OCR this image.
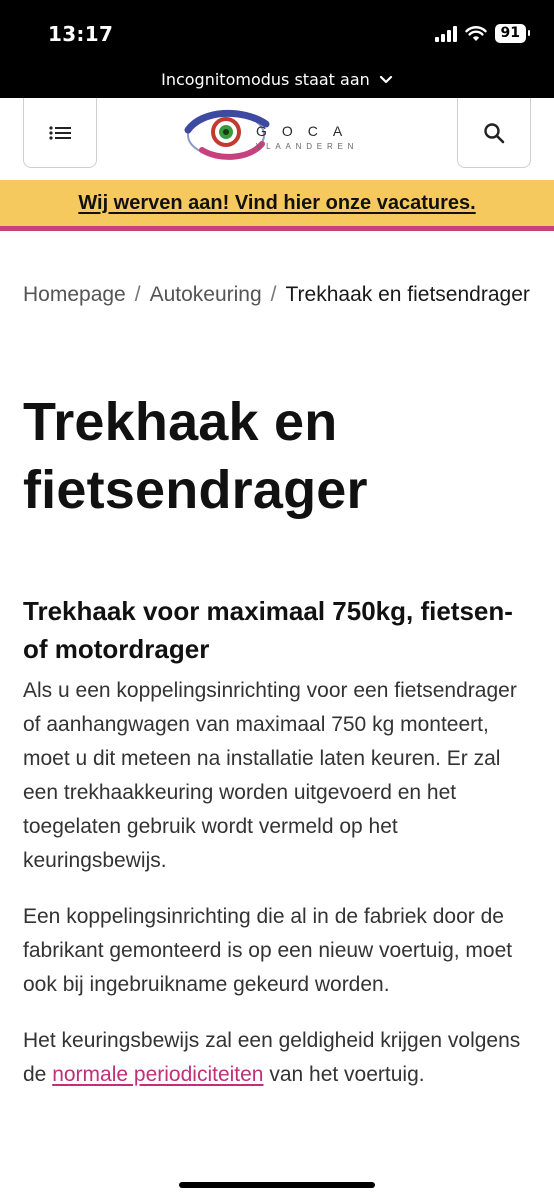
13:17	91
Incognitomodus staat aan
GOCA
VLAANDEREN
Wij werven aan! Vind hier onze vacatures.
Homepage / Autokeuring / Trekhaak en fietsendrager
Trekhaak en fietsendrager
Trekhaak voor maximaal 750kg, fietsen- of motordrager

Als u een koppelingsinrichting voor een fietsendrager of aanhangwagen van maximaal 750 kg monteert, moet u dit meteen na installatie laten keuren. Er zal een trekhaakkeuring worden uitgevoerd en het toegelaten gebruik wordt vermeld op het keuringsbewijs.

Een koppelingsinrichting die al in de fabriek door de fabrikant gemonteerd is op een nieuw voertuig, moet ook bij ingebruikname gekeurd worden.

Het keuringsbewijs zal een geldigheid krijgen volgens de normale periodiciteiten van het voertuig.
